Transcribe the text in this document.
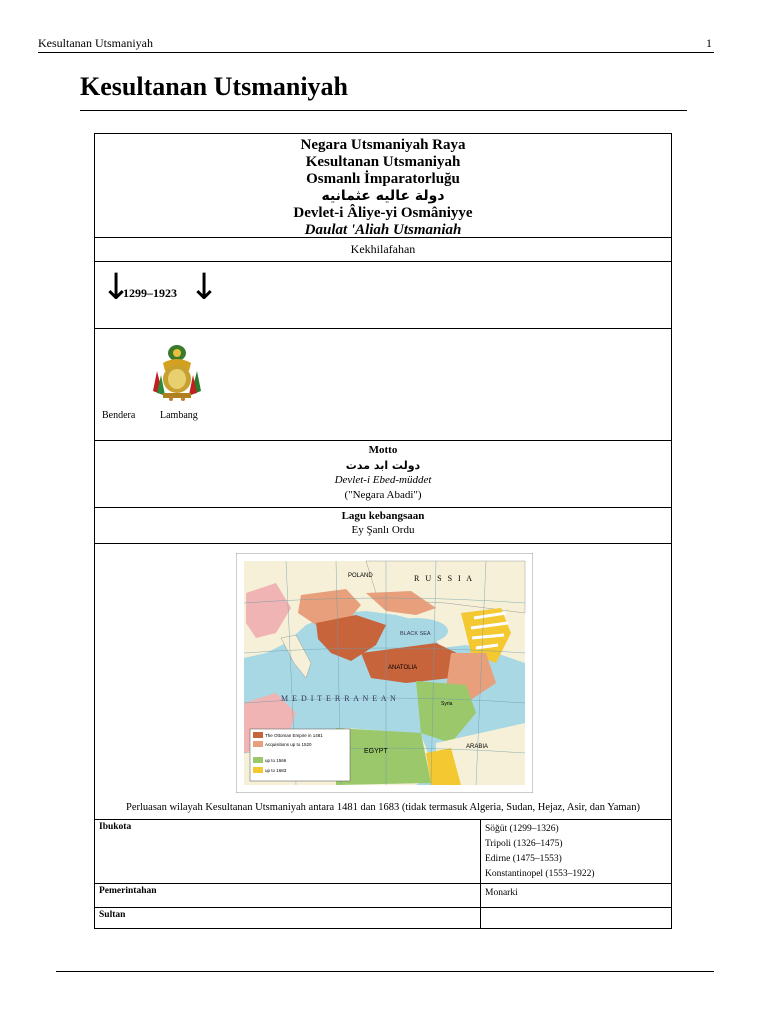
Kesultanan Utsmaniyah	1
Kesultanan Utsmaniyah
Negara Utsmaniyah Raya
Kesultanan Utsmaniyah
Osmanlı İmparatorluğu
دولة عاليه عثمانيه
Devlet-i Âliye-yi Osmâniyye
Daulat 'Aliah Utsmaniah
Kekhilafahan
↓
1299–1923 ↓
Bendera Lambang
Motto
دولت ابد مدت
Devlet-i Ebed-müddet
("Negara Abadi")
Lagu kebangsaan
Ey Şanlı Ordu
The Ottoman Empire in 1481
Acquisitions up to 1520
up to 1566
up to 1683
POLAND	R U S S I A
BLACK SEA
ANATOLIA
Syria
M E D I T E R R A N E A N
EGYPT
ARABIA
Perluasan wilayah Kesultanan Utsmaniyah antara 1481 dan 1683 (tidak termasuk Algeria, Sudan, Hejaz, Asir, dan Yaman)
Ibukota	Söğüt (1299–1326)
Tripoli (1326–1475)
Edirne (1475–1553)
Konstantinopel (1553–1922)
Pemerintahan	Monarki
Sultan
